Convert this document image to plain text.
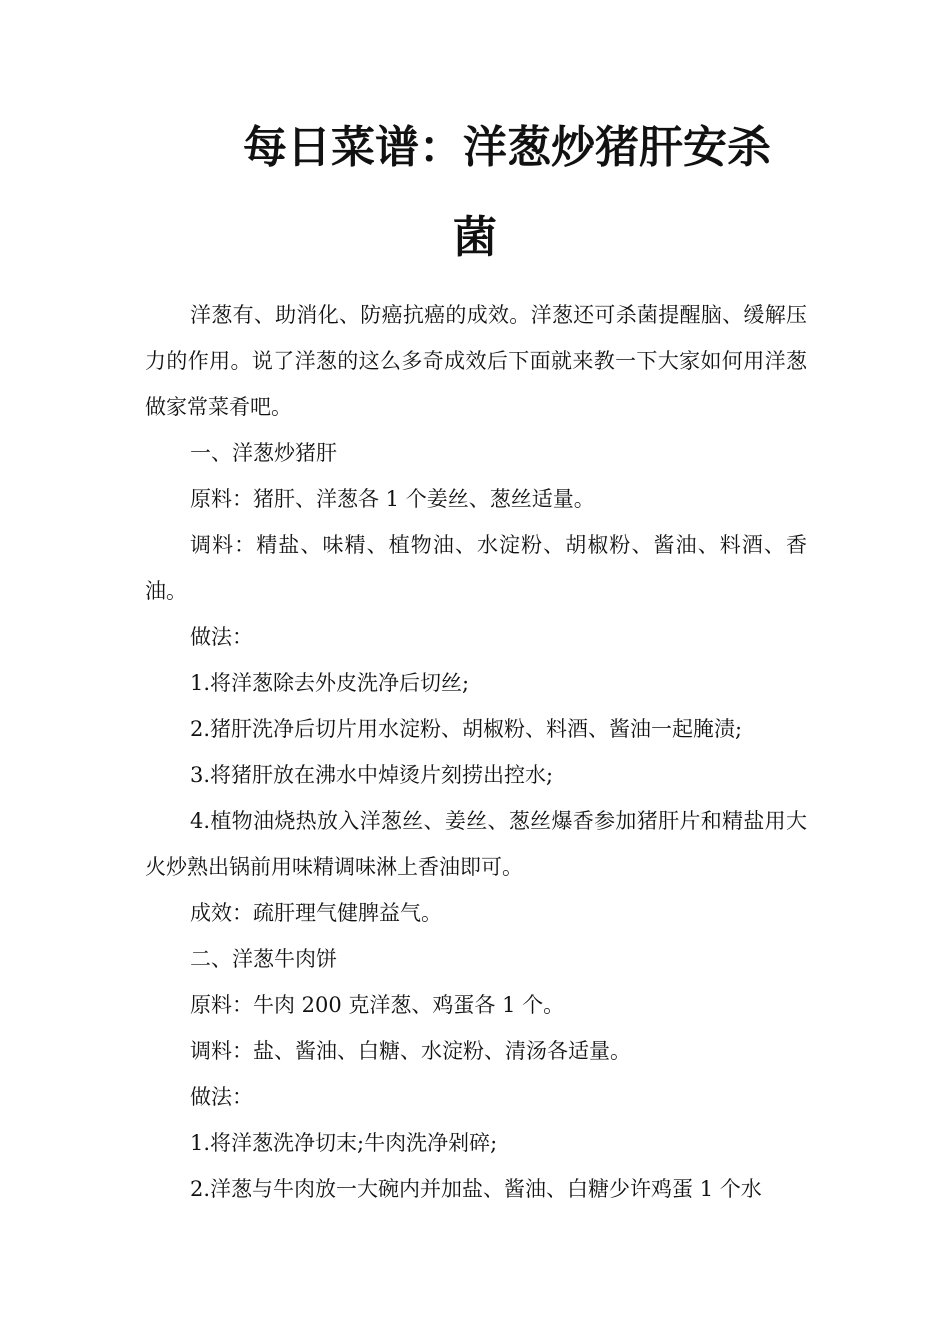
每日菜谱：洋葱炒猪肝安杀
菌

洋葱有、助消化、防癌抗癌的成效。洋葱还可杀菌提醒脑、缓解压力的作用。说了洋葱的这么多奇成效后下面就来教一下大家如何用洋葱做家常菜肴吧。

一、洋葱炒猪肝

原料：猪肝、洋葱各 1 个姜丝、葱丝适量。

调料：精盐、味精、植物油、水淀粉、胡椒粉、酱油、料酒、香油。

做法：

1.将洋葱除去外皮洗净后切丝;

2.猪肝洗净后切片用水淀粉、胡椒粉、料酒、酱油一起腌渍;

3.将猪肝放在沸水中焯烫片刻捞出控水;

4.植物油烧热放入洋葱丝、姜丝、葱丝爆香参加猪肝片和精盐用大火炒熟出锅前用味精调味淋上香油即可。

成效：疏肝理气健脾益气。

二、洋葱牛肉饼

原料：牛肉 200 克洋葱、鸡蛋各 1 个。

调料：盐、酱油、白糖、水淀粉、清汤各适量。

做法：

1.将洋葱洗净切末;牛肉洗净剁碎;

2.洋葱与牛肉放一大碗内并加盐、酱油、白糖少许鸡蛋 1 个水
